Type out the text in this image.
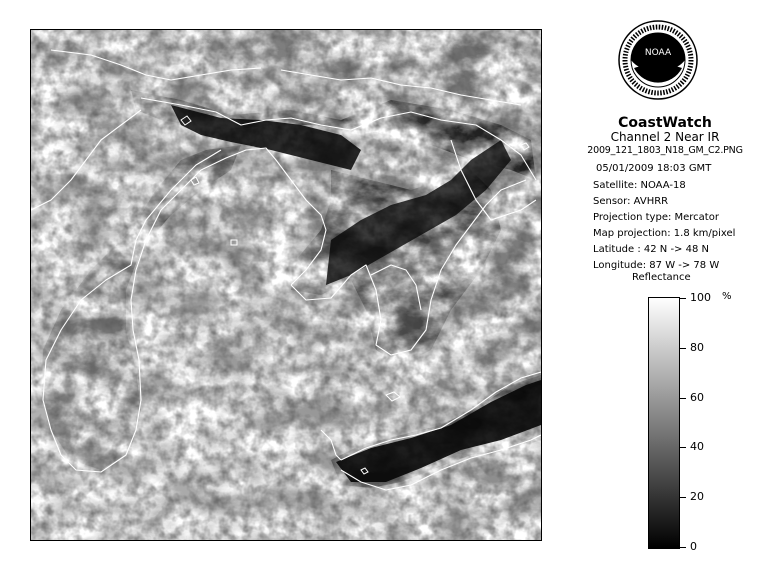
NOAA
CoastWatch
Channel 2 Near IR
2009_121_1803_N18_GM_C2.PNG
05/01/2009 18:03 GMT
Satellite: NOAA-18
Sensor: AVHRR
Projection type: Mercator
Map projection: 1.8 km/pixel
Latitude : 42 N -> 48 N
Longitude: 87 W -> 78 W
Reflectance
%
0
20
40
60
80
100
